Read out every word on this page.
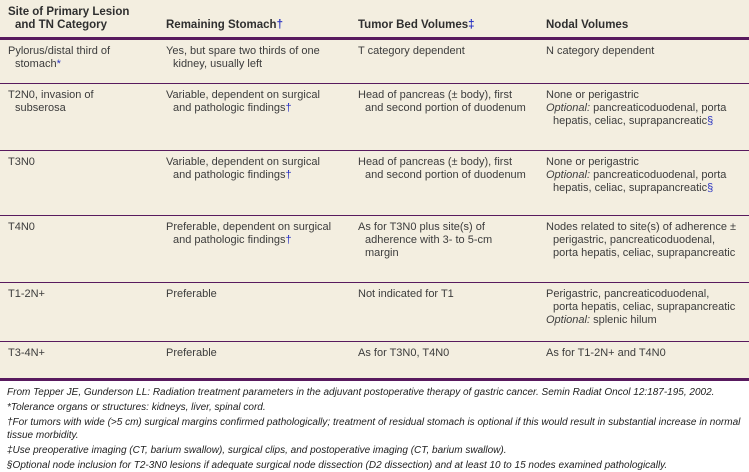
Site of Primary Lesion and TN Category	Remaining Stomach†	Tumor Bed Volumes‡	Nodal Volumes

Pylorus/distal third of stomach*	Yes, but spare two thirds of one kidney, usually left	T category dependent	N category dependent

T2N0, invasion of subserosa	Variable, dependent on surgical and pathologic findings†	Head of pancreas (± body), first and second portion of duodenum	None or perigastric
Optional: pancreaticoduodenal, porta hepatis, celiac, suprapancreatic§

T3N0	Variable, dependent on surgical and pathologic findings†	Head of pancreas (± body), first and second portion of duodenum	None or perigastric
Optional: pancreaticoduodenal, porta hepatis, celiac, suprapancreatic§

T4N0	Preferable, dependent on surgical and pathologic findings†	As for T3N0 plus site(s) of adherence with 3- to 5-cm margin	Nodes related to site(s) of adherence ± perigastric, pancreaticoduodenal, porta hepatis, celiac, suprapancreatic

T1-2N+	Preferable	Not indicated for T1	Perigastric, pancreaticoduodenal, porta hepatis, celiac, suprapancreatic
Optional: splenic hilum

T3-4N+	Preferable	As for T3N0, T4N0	As for T1-2N+ and T4N0
From Tepper JE, Gunderson LL: Radiation treatment parameters in the adjuvant postoperative therapy of gastric cancer. Semin Radiat Oncol 12:187-195, 2002.
*Tolerance organs or structures: kidneys, liver, spinal cord.
†For tumors with wide (>5 cm) surgical margins confirmed pathologically; treatment of residual stomach is optional if this would result in substantial increase in normal tissue morbidity.
‡Use preoperative imaging (CT, barium swallow), surgical clips, and postoperative imaging (CT, barium swallow).
§Optional node inclusion for T2-3N0 lesions if adequate surgical node dissection (D2 dissection) and at least 10 to 15 nodes examined pathologically.
